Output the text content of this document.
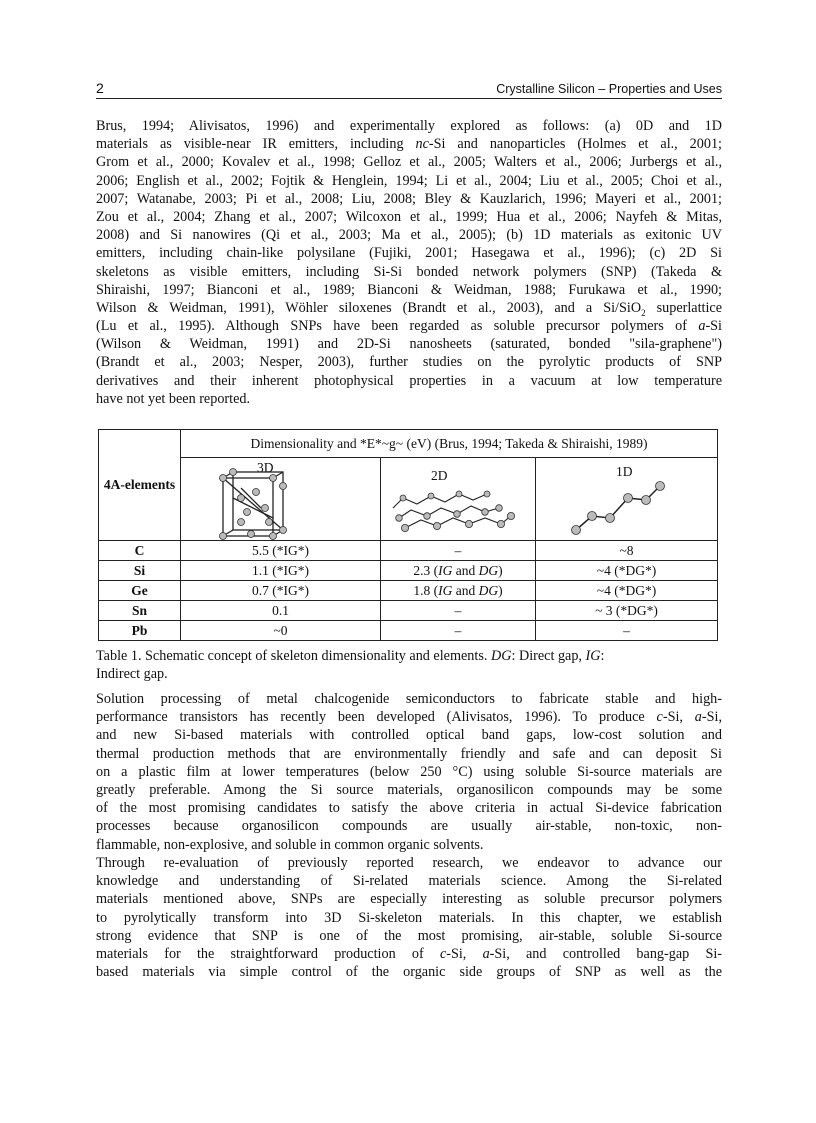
2	Crystalline Silicon – Properties and Uses
Brus, 1994; Alivisatos, 1996) and experimentally explored as follows: (a) 0D and 1D
materials as visible-near IR emitters, including nc-Si and nanoparticles (Holmes et al., 2001;
Grom et al., 2000; Kovalev et al., 1998; Gelloz et al., 2005; Walters et al., 2006; Jurbergs et al.,
2006; English et al., 2002; Fojtik & Henglein, 1994; Li et al., 2004; Liu et al., 2005; Choi et al.,
2007; Watanabe, 2003; Pi et al., 2008; Liu, 2008; Bley & Kauzlarich, 1996; Mayeri et al., 2001;
Zou et al., 2004; Zhang et al., 2007; Wilcoxon et al., 1999; Hua et al., 2006; Nayfeh & Mitas,
2008) and Si nanowires (Qi et al., 2003; Ma et al., 2005); (b) 1D materials as exitonic UV
emitters, including chain-like polysilane (Fujiki, 2001; Hasegawa et al., 1996); (c) 2D Si
skeletons as visible emitters, including Si-Si bonded network polymers (SNP) (Takeda &
Shiraishi, 1997; Bianconi et al., 1989; Bianconi & Weidman, 1988; Furukawa et al., 1990;
Wilson & Weidman, 1991), Wöhler siloxenes (Brandt et al., 2003), and a Si/SiO$_2$ superlattice
(Lu et al., 1995). Although SNPs have been regarded as soluble precursor polymers of a-Si
(Wilson & Weidman, 1991) and 2D-Si nanosheets (saturated, bonded "sila-graphene")
(Brandt et al., 2003; Nesper, 2003), further studies on the pyrolytic products of SNP
derivatives and their inherent photophysical properties in a vacuum at low temperature
have not yet been reported.
4A-elements	Dimensionality and *E*~g~ (eV) (Brus, 1994; Takeda & Shiraishi, 1989)		

	3D	2D	1D

C	5.5 (*IG*)	–	~8
Si	1.1 (*IG*)	2.3 (IG and DG)	~4 (*DG*)
Ge	0.7 (*IG*)	1.8 (IG and DG)	~4 (*DG*)
Sn	0.1	–	~ 3 (*DG*)
Pb	~0	–	–
Table 1. Schematic concept of skeleton dimensionality and elements. DG: Direct gap, IG:
Indirect gap.
Solution processing of metal chalcogenide semiconductors to fabricate stable and high-
performance transistors has recently been developed (Alivisatos, 1996). To produce c-Si, a-Si,
and new Si-based materials with controlled optical band gaps, low-cost solution and
thermal production methods that are environmentally friendly and safe and can deposit Si
on a plastic film at lower temperatures (below 250 °C) using soluble Si-source materials are
greatly preferable. Among the Si source materials, organosilicon compounds may be some
of the most promising candidates to satisfy the above criteria in actual Si-device fabrication
processes because organosilicon compounds are usually air-stable, non-toxic, non-
flammable, non-explosive, and soluble in common organic solvents.
Through re-evaluation of previously reported research, we endeavor to advance our
knowledge and understanding of Si-related materials science. Among the Si-related
materials mentioned above, SNPs are especially interesting as soluble precursor polymers
to pyrolytically transform into 3D Si-skeleton materials. In this chapter, we establish
strong evidence that SNP is one of the most promising, air-stable, soluble Si-source
materials for the straightforward production of c-Si, a-Si, and controlled bang-gap Si-
based materials via simple control of the organic side groups of SNP as well as the
